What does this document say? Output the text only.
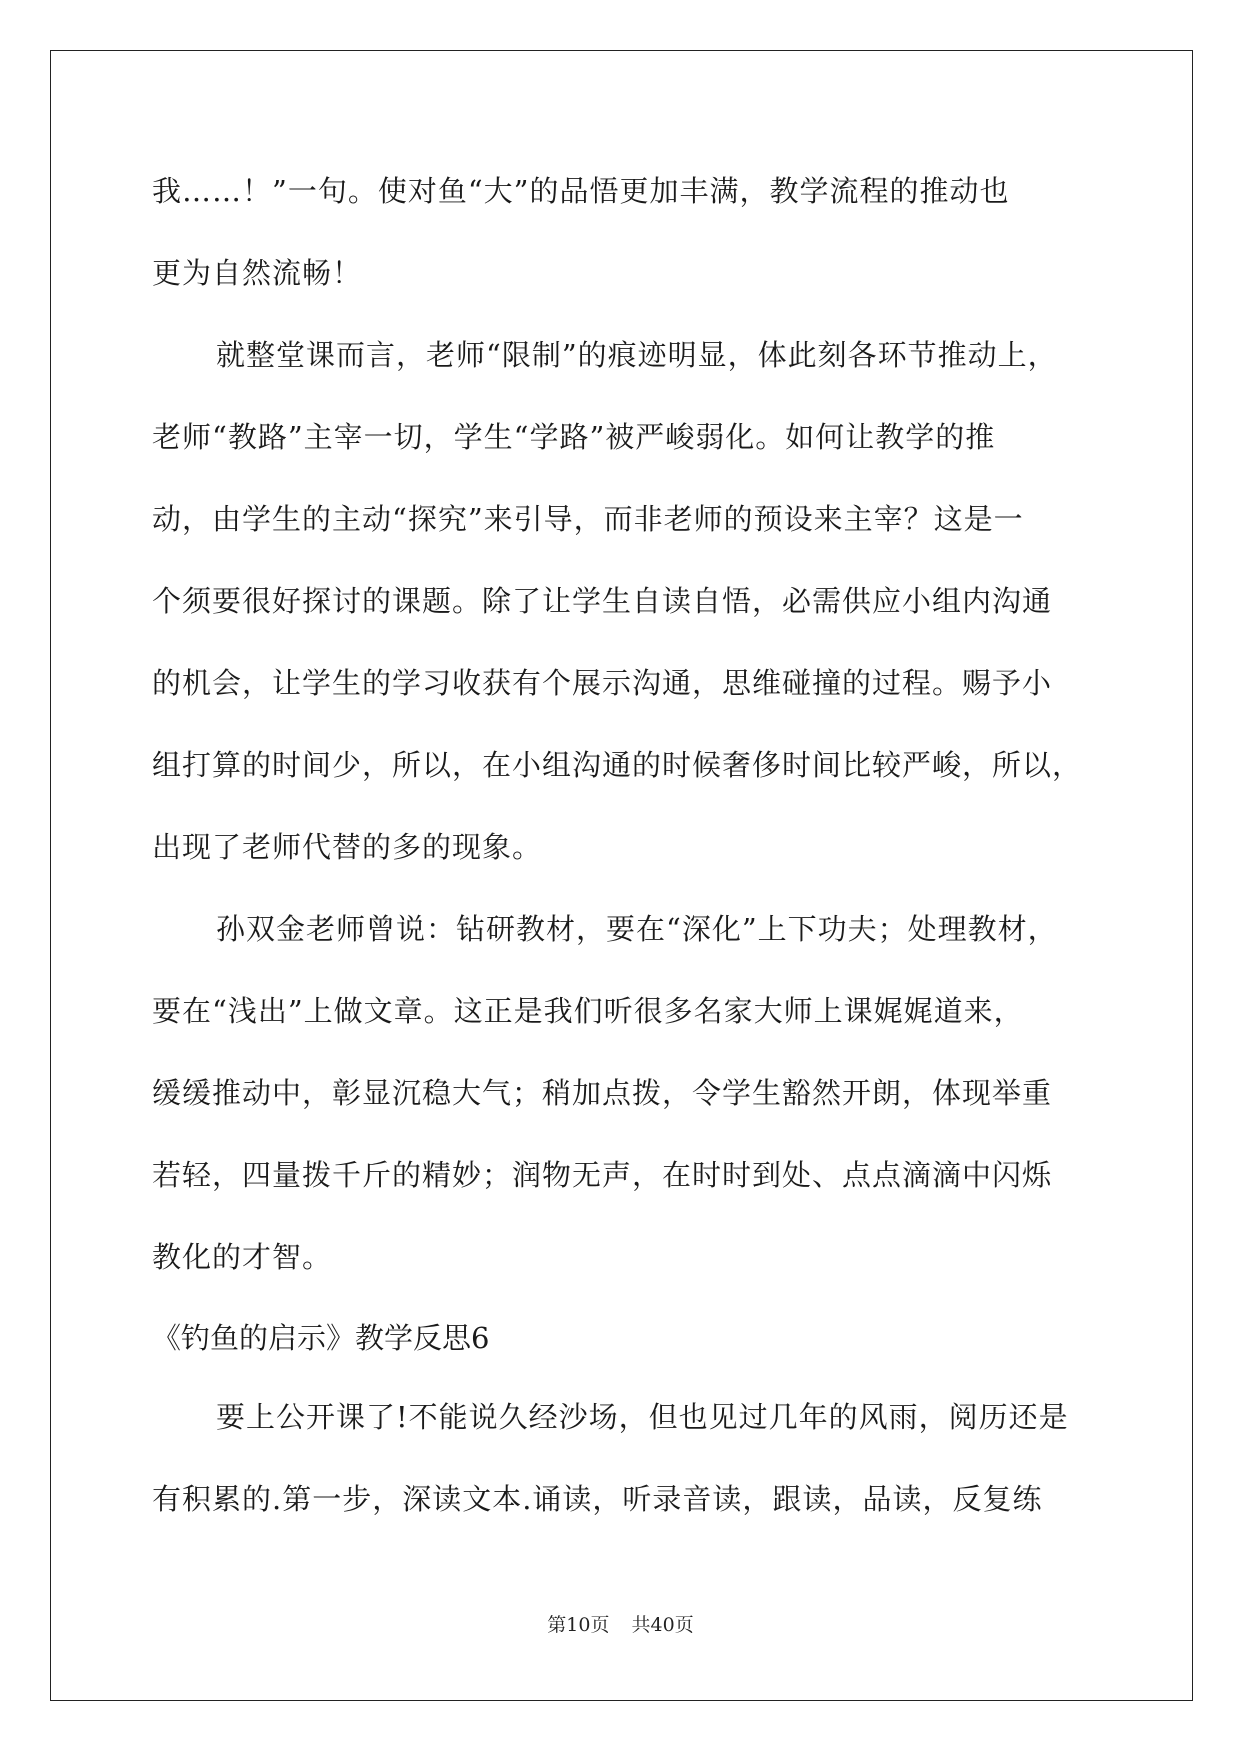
我……！”一句。使对鱼“大”的品悟更加丰满，教学流程的推动也
更为自然流畅！
就整堂课而言，老师“限制”的痕迹明显，体此刻各环节推动上，
老师“教路”主宰一切，学生“学路”被严峻弱化。如何让教学的推
动，由学生的主动“探究”来引导，而非老师的预设来主宰？这是一
个须要很好探讨的课题。除了让学生自读自悟，必需供应小组内沟通
的机会，让学生的学习收获有个展示沟通，思维碰撞的过程。赐予小
组打算的时间少，所以，在小组沟通的时候奢侈时间比较严峻，所以，
出现了老师代替的多的现象。
孙双金老师曾说：钻研教材，要在“深化”上下功夫；处理教材，
要在“浅出”上做文章。这正是我们听很多名家大师上课娓娓道来，
缓缓推动中，彰显沉稳大气；稍加点拨，令学生豁然开朗，体现举重
若轻，四量拨千斤的精妙；润物无声，在时时到处、点点滴滴中闪烁
教化的才智。
《钓鱼的启示》教学反思6
要上公开课了!不能说久经沙场，但也见过几年的风雨，阅历还是
有积累的.第一步，深读文本.诵读，听录音读，跟读，品读，反复练
第10页 共40页
